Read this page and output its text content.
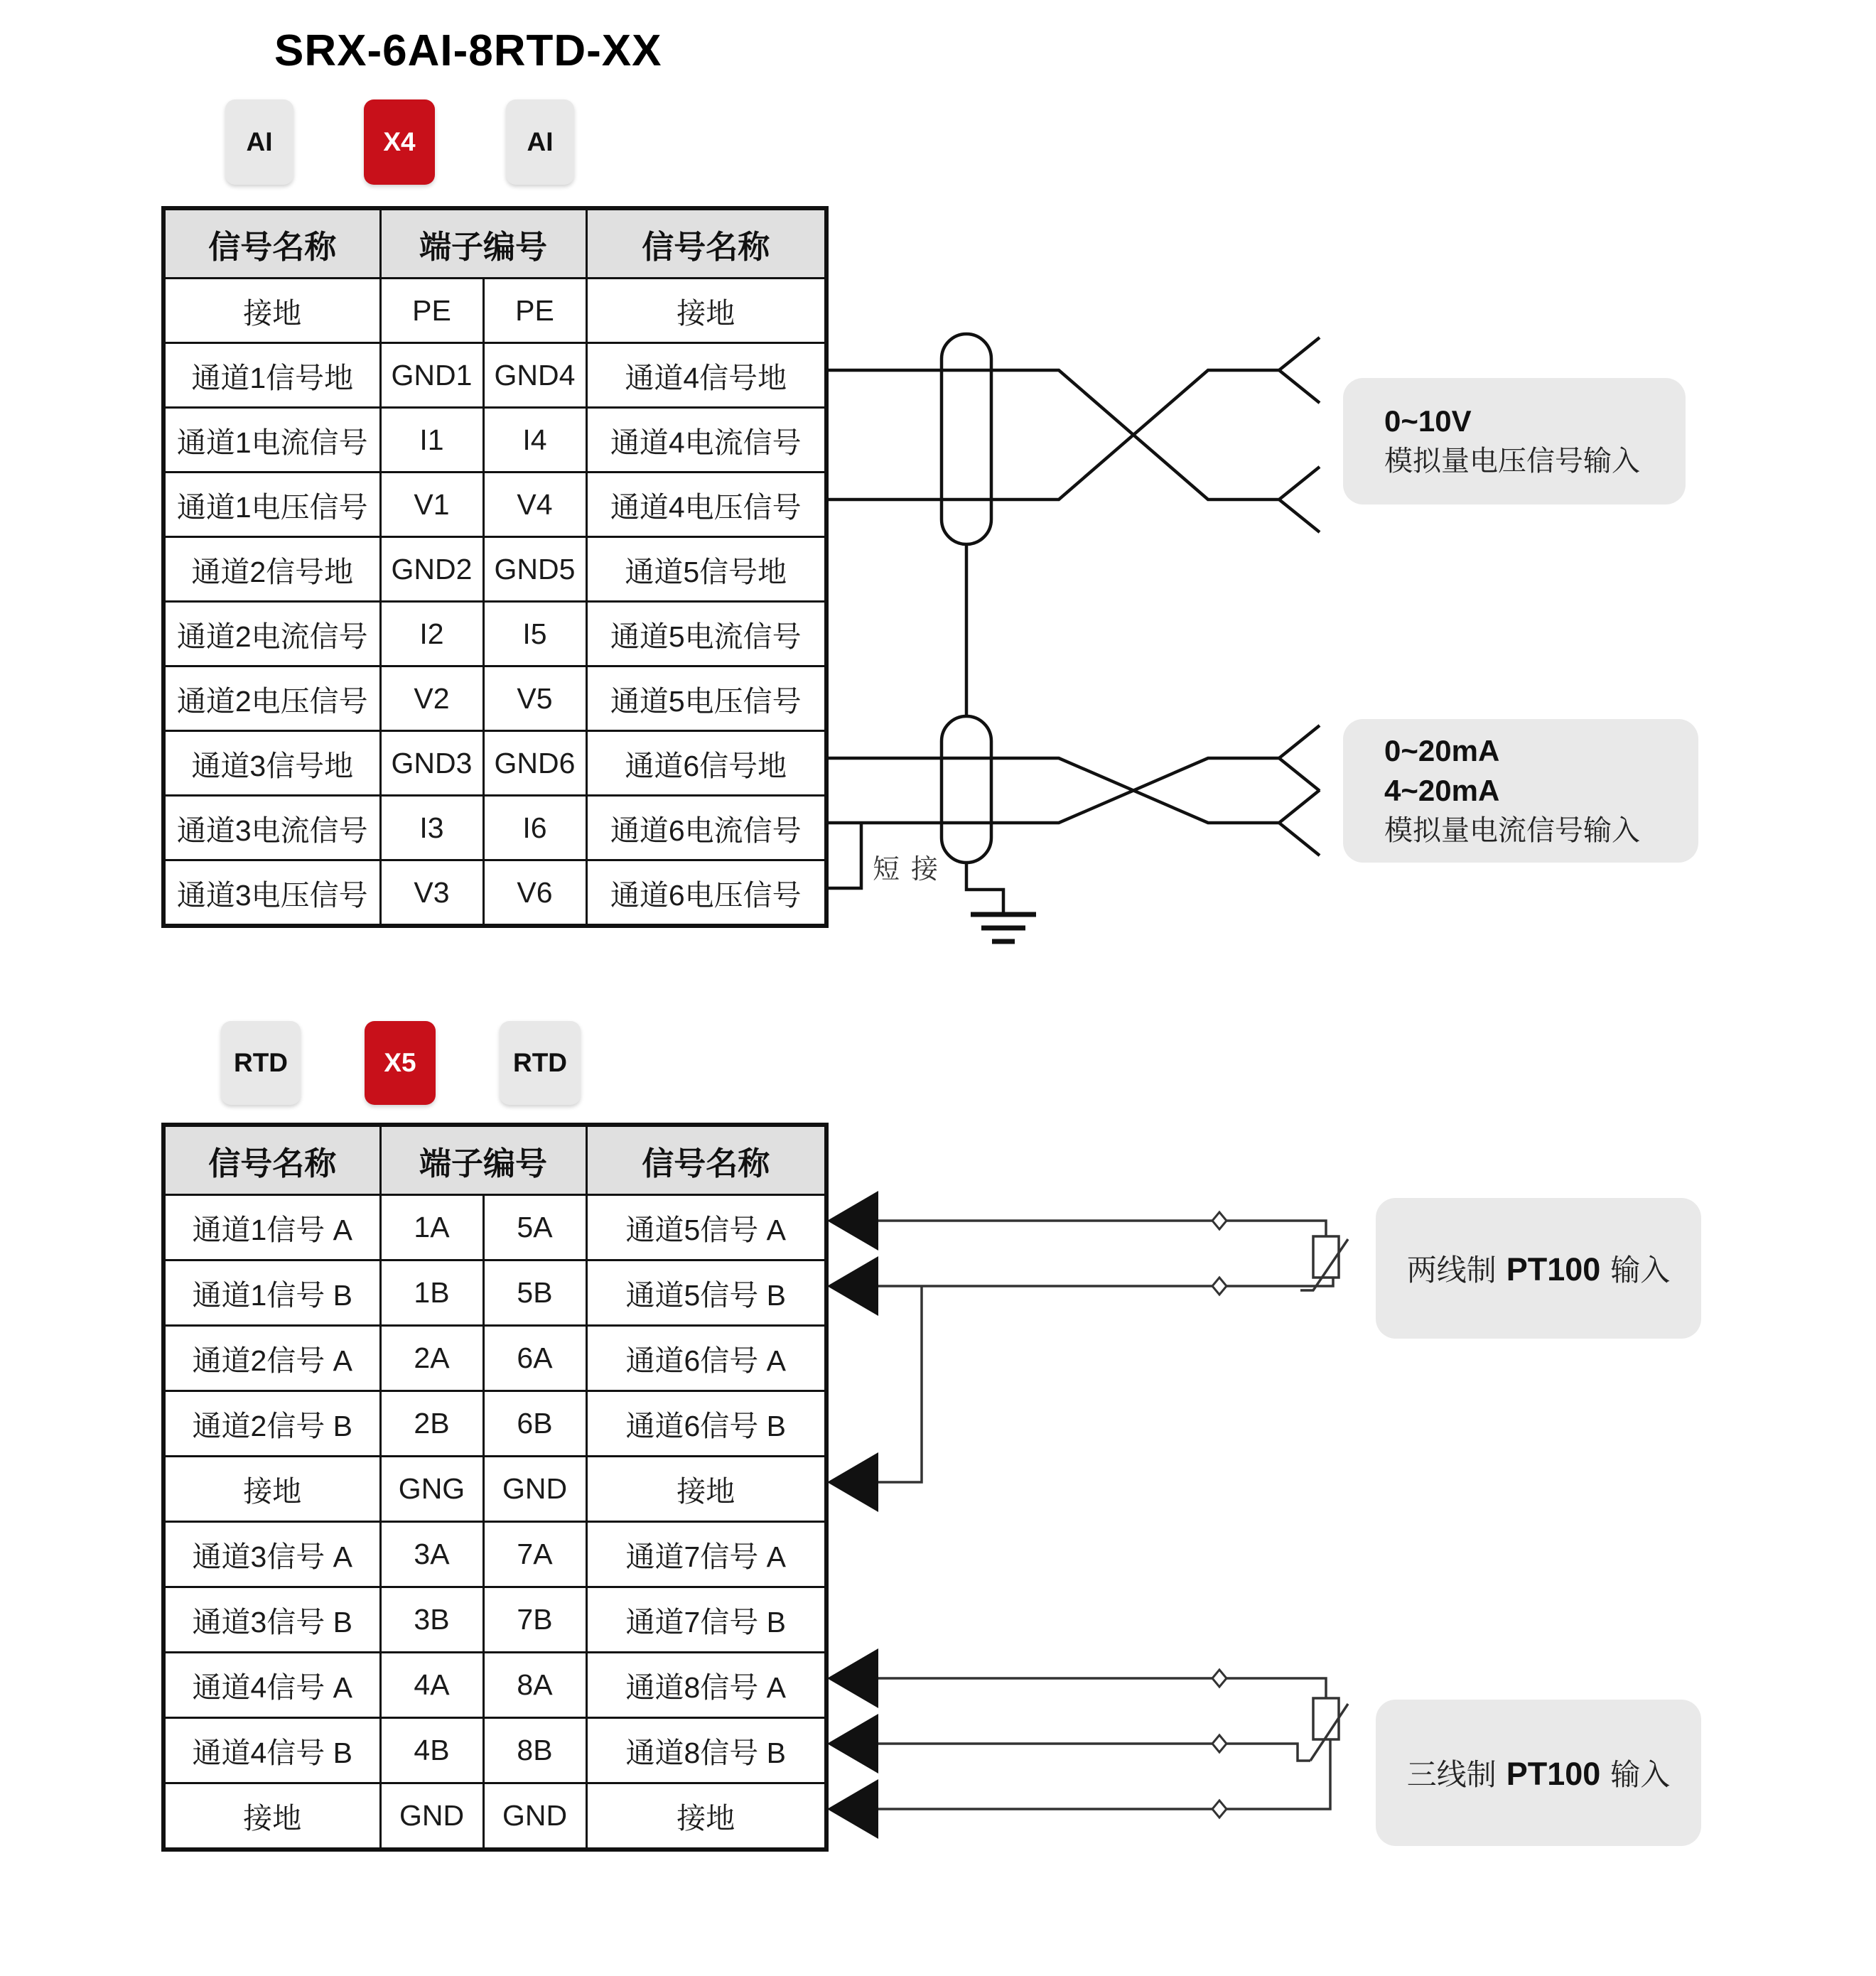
SRX-6AI-8RTD-XX
AI	X4	AI
信号名称	端子编号		信号名称
接地	PE	PE	接地
通道1信号地	GND1	GND4	通道4信号地
通道1电流信号	I1	I4	通道4电流信号
通道1电压信号	V1	V4	通道4电压信号
通道2信号地	GND2	GND5	通道5信号地
通道2电流信号	I2	I5	通道5电流信号
通道2电压信号	V2	V5	通道5电压信号
通道3信号地	GND3	GND6	通道6信号地
通道3电流信号	I3	I6	通道6电流信号
通道3电压信号	V3	V6	通道6电压信号
RTD	X5	RTD
信号名称	端子编号		信号名称
通道1信号 A	1A	5A	通道5信号 A
通道1信号 B	1B	5B	通道5信号 B
通道2信号 A	2A	6A	通道6信号 A
通道2信号 B	2B	6B	通道6信号 B
接地	GNG	GND	接地
通道3信号 A	3A	7A	通道7信号 A
通道3信号 B	3B	7B	通道7信号 B
通道4信号 A	4A	8A	通道8信号 A
通道4信号 B	4B	8B	通道8信号 B
接地	GND	GND	接地
短接
0~10V
模拟量电压信号输入
0~20mA
4~20mA
模拟量电流信号输入
两线制 PT100 输入
三线制 PT100 输入
